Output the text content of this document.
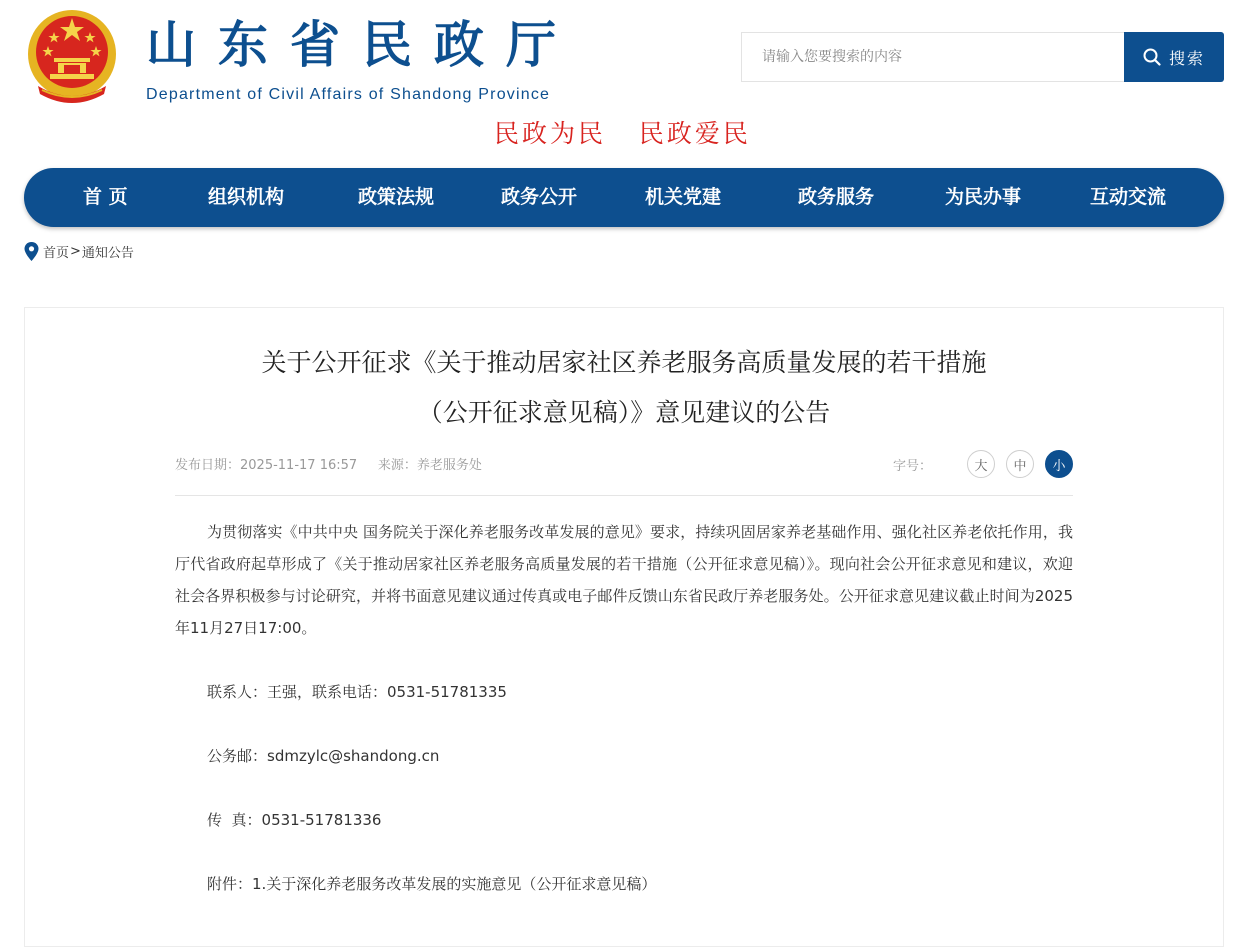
山东省民政厅
Department of Civil Affairs of Shandong Province
民政为民   民政爱民
请输入您要搜索的内容
搜索
首 页	组织机构	政策法规	政务公开	机关党建	政务服务	为民办事	互动交流
首页 > 通知公告
关于公开征求《关于推动居家社区养老服务高质量发展的若干措施
（公开征求意见稿）》意见建议的公告
发布日期：2025-11-17 16:57 来源：养老服务处	字号：	大	中	小

为贯彻落实《中共中央 国务院关于深化养老服务改革发展的意见》要求，持续巩固居家养老基础作用、强化社区养老依托作用，我厅代省政府起草形成了《关于推动居家社区养老服务高质量发展的若干措施（公开征求意见稿）》。现向社会公开征求意见和建议，欢迎社会各界积极参与讨论研究，并将书面意见建议通过传真或电子邮件反馈山东省民政厅养老服务处。公开征求意见建议截止时间为2025年11月27日17:00。

联系人：王强，联系电话：0531-51781335

公务邮：sdmzylc@shandong.cn

传  真：0531-51781336

附件：1.关于深化养老服务改革发展的实施意见（公开征求意见稿）
